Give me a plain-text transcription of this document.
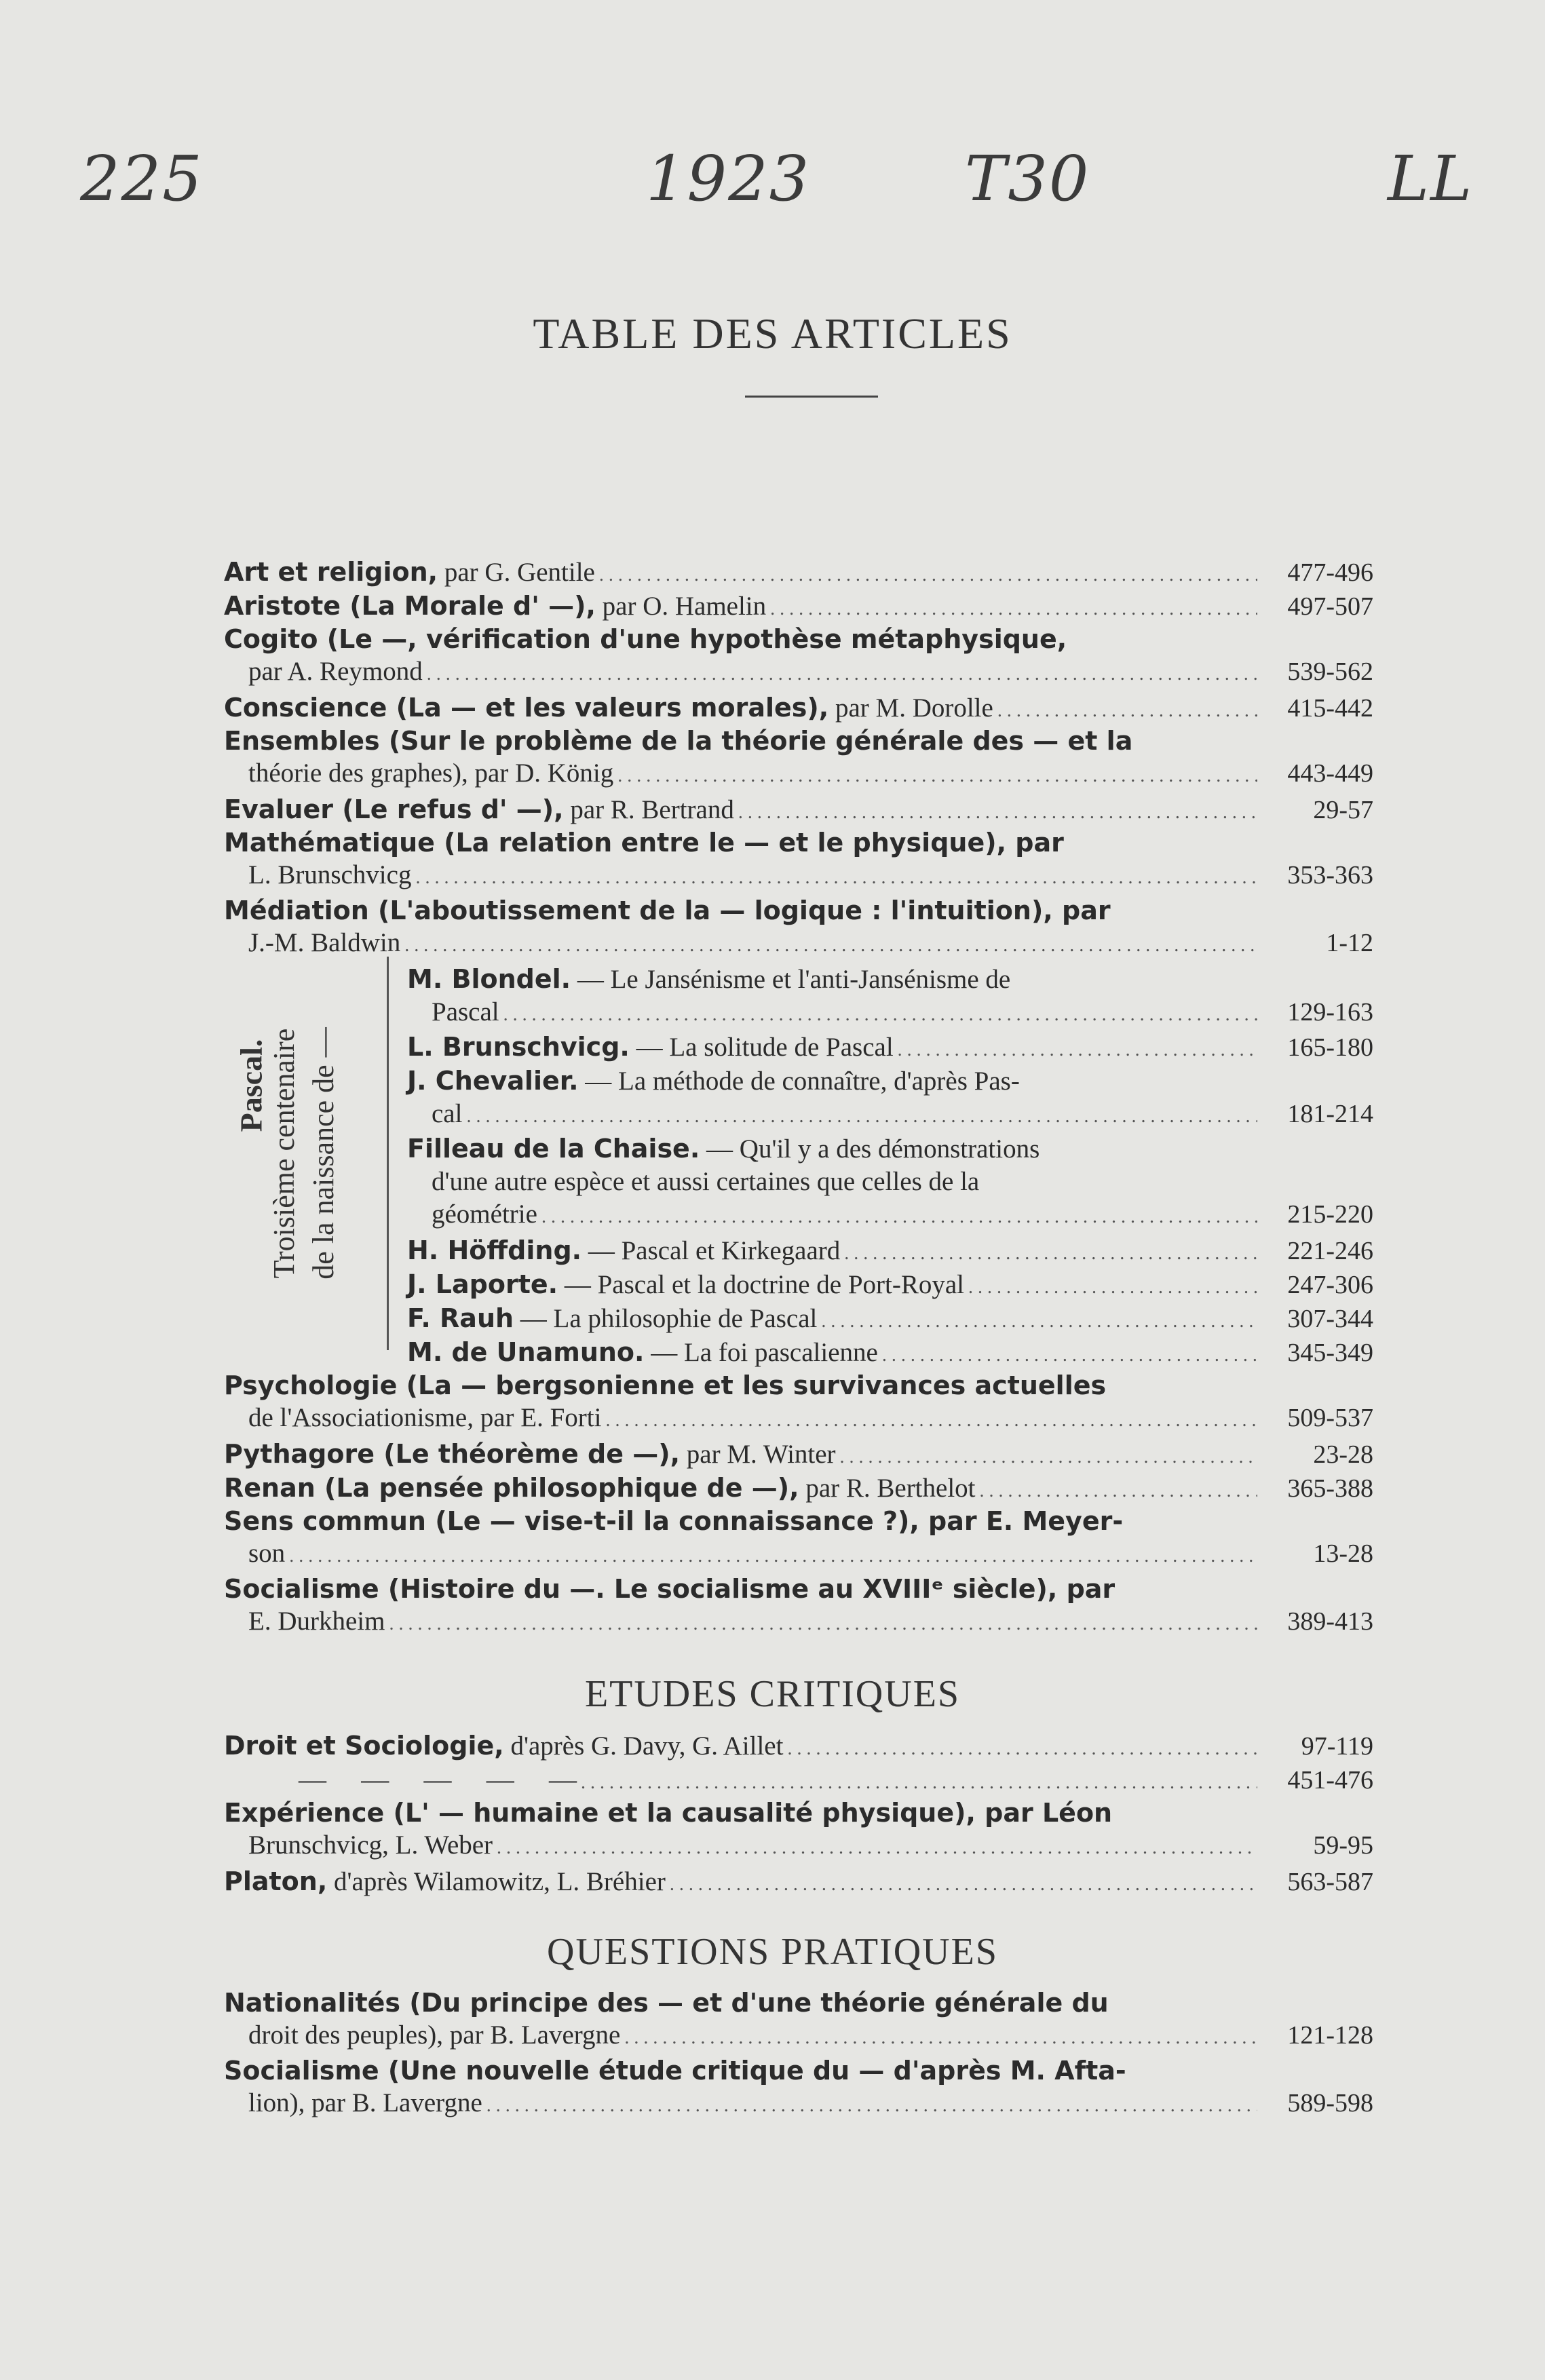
225	1923 T30	LL
TABLE DES ARTICLES
Art et religion, par G. Gentile .....	477-496
Aristote (La Morale d' —), par O. Hamelin .....	497-507
Cogito (Le —, vérification d'une hypothèse métaphysique,
par A. Reymond .....	539-562
Conscience (La — et les valeurs morales), par M. Dorolle .....	415-442
Ensembles (Sur le problème de la théorie générale des — et la
théorie des graphes), par D. König .....	443-449
Evaluer (Le refus d' —), par R. Bertrand .....	29-57
Mathématique (La relation entre le — et le physique), par
L. Brunschvicg .....	353-363
Médiation (L'aboutissement de la — logique : l'intuition), par
J.-M. Baldwin .....	1-12
Pascal.
Troisième centenaire de la naissance de —
M. Blondel. — Le Jansénisme et l'anti-Jansénisme de
Pascal .....	129-163
L. Brunschvicg. — La solitude de Pascal .....	165-180
J. Chevalier. — La méthode de connaître, d'après Pas-
cal .....	181-214
Filleau de la Chaise. — Qu'il y a des démonstrations
d'une autre espèce et aussi certaines que celles de la
géométrie .....	215-220
H. Höffding. — Pascal et Kirkegaard .....	221-246
J. Laporte. — Pascal et la doctrine de Port-Royal .....	247-306
F. Rauh — La philosophie de Pascal .....	307-344
M. de Unamuno. — La foi pascalienne .....	345-349
Psychologie (La — bergsonienne et les survivances actuelles
de l'Associationisme, par E. Forti .....	509-537
Pythagore (Le théorème de —), par M. Winter .....	23-28
Renan (La pensée philosophique de —), par R. Berthelot .....	365-388
Sens commun (Le — vise-t-il la connaissance ?), par E. Meyer-
son .....	13-28
Socialisme (Histoire du —. Le socialisme au XVIIIᵉ siècle), par
E. Durkheim .....	389-413
ETUDES CRITIQUES
Droit et Sociologie, d'après G. Davy, G. Aillet .....	97-119
—     —     —     —     — .....	451-476
Expérience (L' — humaine et la causalité physique), par Léon
Brunschvicg, L. Weber .....	59-95
Platon, d'après Wilamowitz, L. Bréhier .....	563-587
QUESTIONS PRATIQUES
Nationalités (Du principe des — et d'une théorie générale du
droit des peuples), par B. Lavergne .....	121-128
Socialisme (Une nouvelle étude critique du — d'après M. Afta-
lion), par B. Lavergne .....	589-598
